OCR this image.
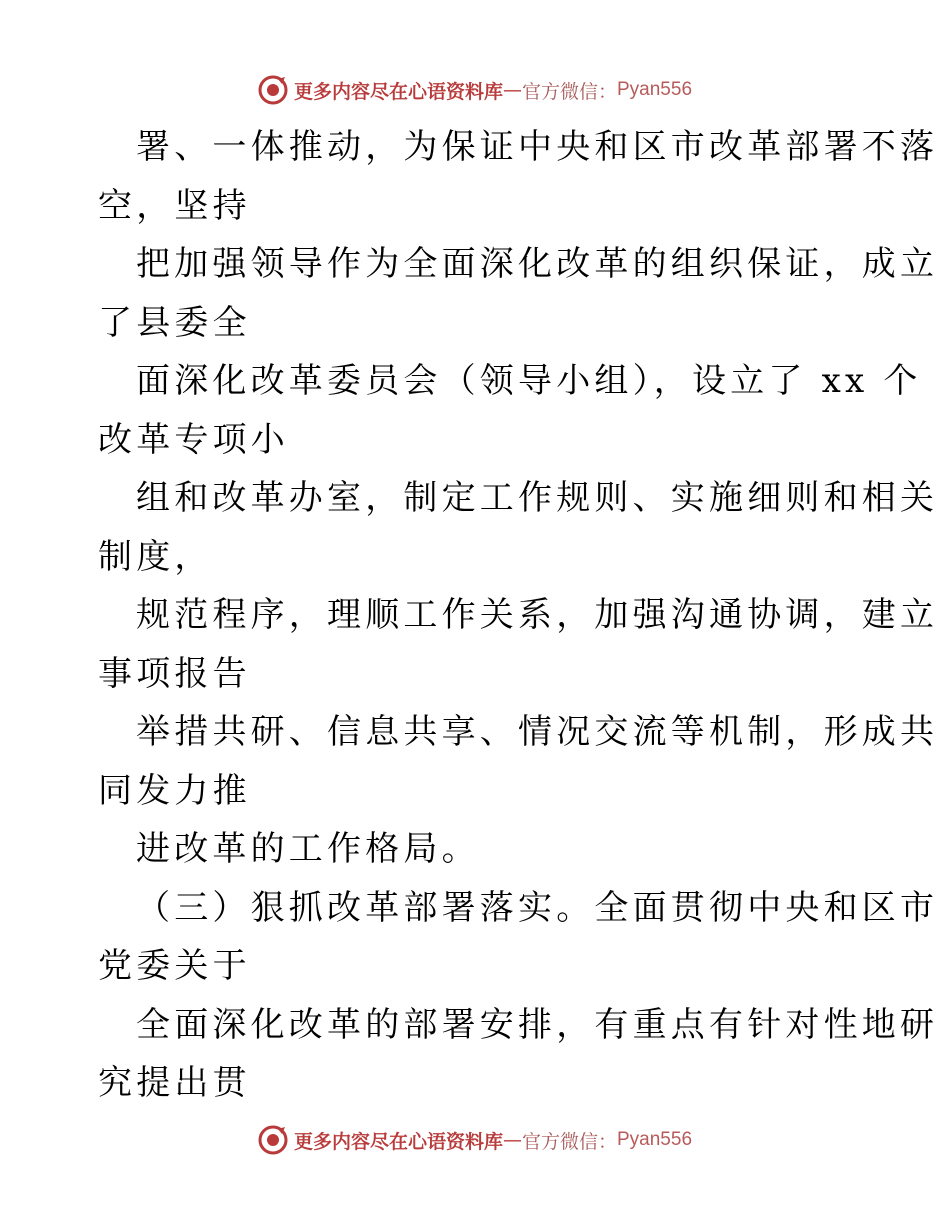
更多内容尽在心语资料库 — 官方微信： Pyan556
署、一体推动，为保证中央和区市改革部署不落
空，坚持
把加强领导作为全面深化改革的组织保证，成立
了县委全
面深化改革委员会（领导小组），设立了 xx 个
改革专项小
组和改革办室，制定工作规则、实施细则和相关
制度，
规范程序，理顺工作关系，加强沟通协调，建立
事项报告
举措共研、信息共享、情况交流等机制，形成共
同发力推
进改革的工作格局。
（三）狠抓改革部署落实。全面贯彻中央和区市
党委关于
全面深化改革的部署安排，有重点有针对性地研
究提出贯
更多内容尽在心语资料库 — 官方微信： Pyan556
